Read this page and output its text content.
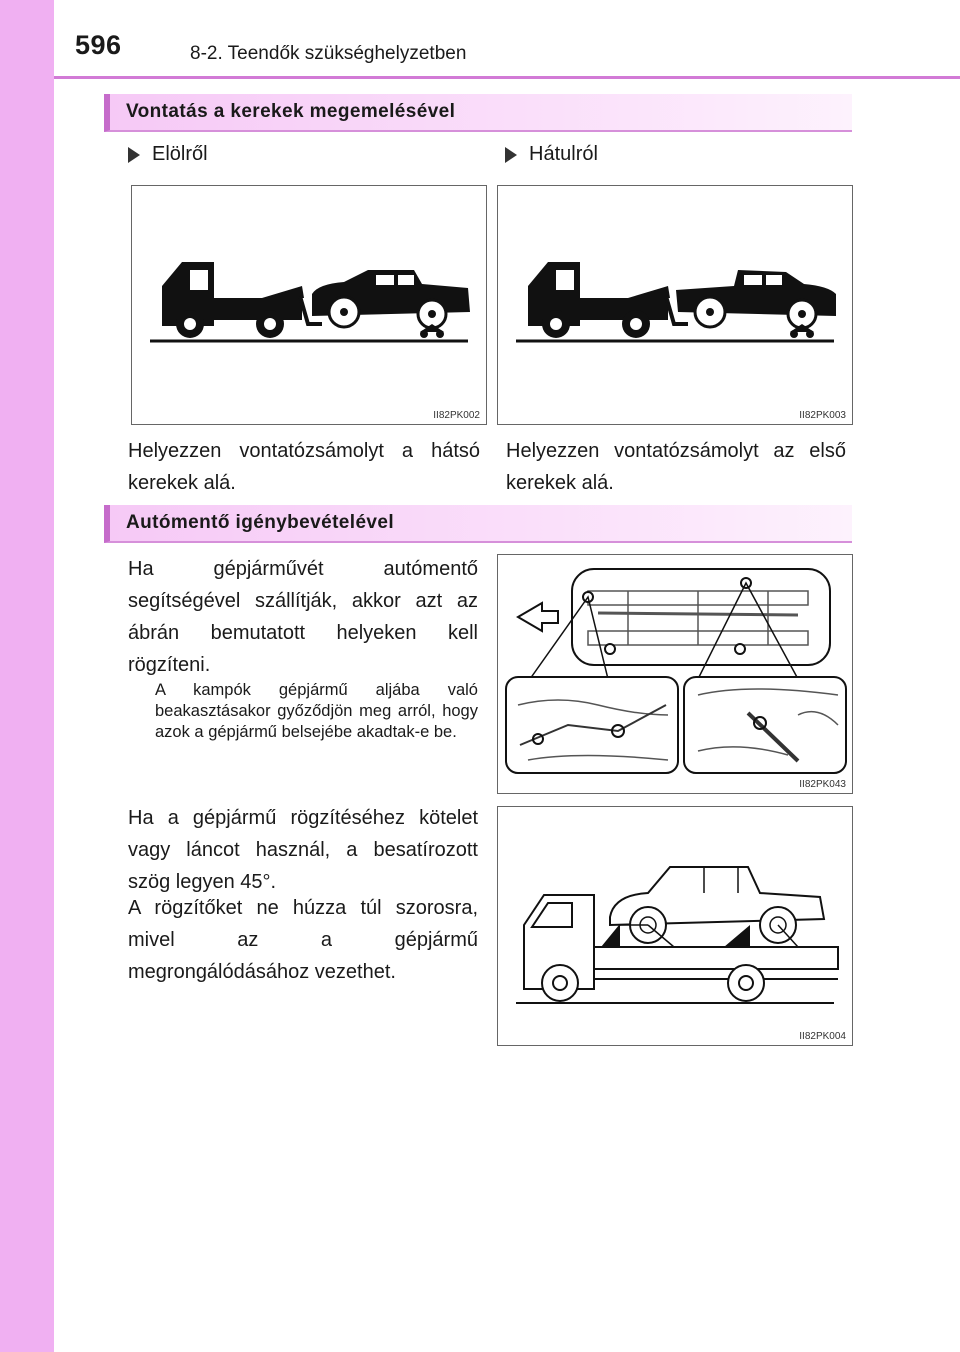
596	8-2. Teendők szükséghelyzetben
Vontatás a kerekek megemelésével
Elölről	Hátulról
II82PK002	II82PK003
Helyezzen vontatózsámolyt a hátsó kerekek alá.
Helyezzen vontatózsámolyt az első kerekek alá.
Autómentő igénybevételével
Ha gépjárművét autómentő segítségével szállítják, akkor azt az ábrán bemutatott helyeken kell rögzíteni.
A kampók gépjármű aljába való beakasztásakor győződjön meg arról, hogy azok a gépjármű belsejébe akadtak-e be.
Ha a gépjármű rögzítéséhez kötelet vagy láncot használ, a besatírozott szög legyen 45°.
A rögzítőket ne húzza túl szorosra, mivel az a gépjármű megrongálódásához vezethet.
II82PK043
II82PK004
